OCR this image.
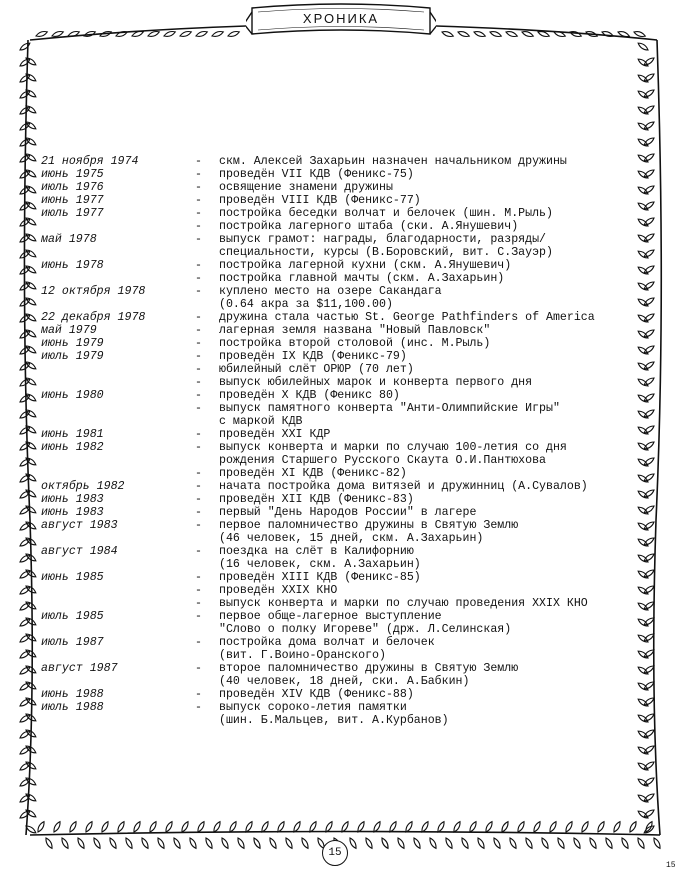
ХРОНИКА
21 ноября 1974	- скм. Алексей Захарьин назначен начальником дружины
июнь 1975	- проведён VII КДВ (Феникс-75)
июль 1976	- освящение знамени дружины
июнь 1977	- проведён VIII КДВ (Феникс-77)
июль 1977	- постройка беседки волчат и белочек (шин. М.Рыль)
- постройка лагерного штаба (ски. А.Янушевич)
май 1978	- выпуск грамот: награды, благодарности, разряды/
специальности, курсы (В.Боровский, вит. С.Зауэр)
июнь 1978	- постройка лагерной кухни (скм. А.Янушевич)
- постройка главной мачты (скм. А.Захарьин)
12 октября 1978	- куплено место на озере Сакандага
(0.64 акра за $11,100.00)
22 декабря 1978	- дружина стала частью St. George Pathfinders of America
май 1979	- лагерная земля названа "Новый Павловск"
июнь 1979	- постройка второй столовой (инс. М.Рыль)
июль 1979	- проведён IX КДВ (Феникс-79)
- юбилейный слёт ОРЮР (70 лет)
- выпуск юбилейных марок и конверта первого дня
июнь 1980	- проведён X КДВ (Феникс 80)
- выпуск памятного конверта "Анти-Олимпийские Игры"
с маркой КДВ
июнь 1981	- проведён XXI КДР
июнь 1982	- выпуск конверта и марки по случаю 100-летия со дня
рождения Старшего Русского Скаута О.И.Пантюхова
- проведён XI КДВ (Феникс-82)
октябрь 1982	- начата постройка дома витязей и дружинниц (А.Сувалов)
июнь 1983	- проведён XII КДВ (Феникс-83)
июнь 1983	- первый "День Народов России" в лагере
август 1983	- первое паломничество дружины в Святую Землю
(46 человек, 15 дней, скм. А.Захарьин)
август 1984	- поездка на слёт в Калифорнию
(16 человек, скм. А.Захарьин)
июнь 1985	- проведён XIII КДВ (Феникс-85)
- проведён XXIX КНО
- выпуск конверта и марки по случаю проведения XXIX КНО
июль 1985	- первое обще-лагерное выступление
"Слово о полку Игореве" (држ. Л.Селинская)
июль 1987	- постройка дома волчат и белочек
(вит. Г.Воино-Оранского)
август 1987	- второе паломничество дружины в Святую Землю
(40 человек, 18 дней, ски. А.Бабкин)
июнь 1988	- проведён XIV КДВ (Феникс-88)
июль 1988	- выпуск сороко-летия памятки
(шин. Б.Мальцев, вит. А.Курбанов)
15
15
